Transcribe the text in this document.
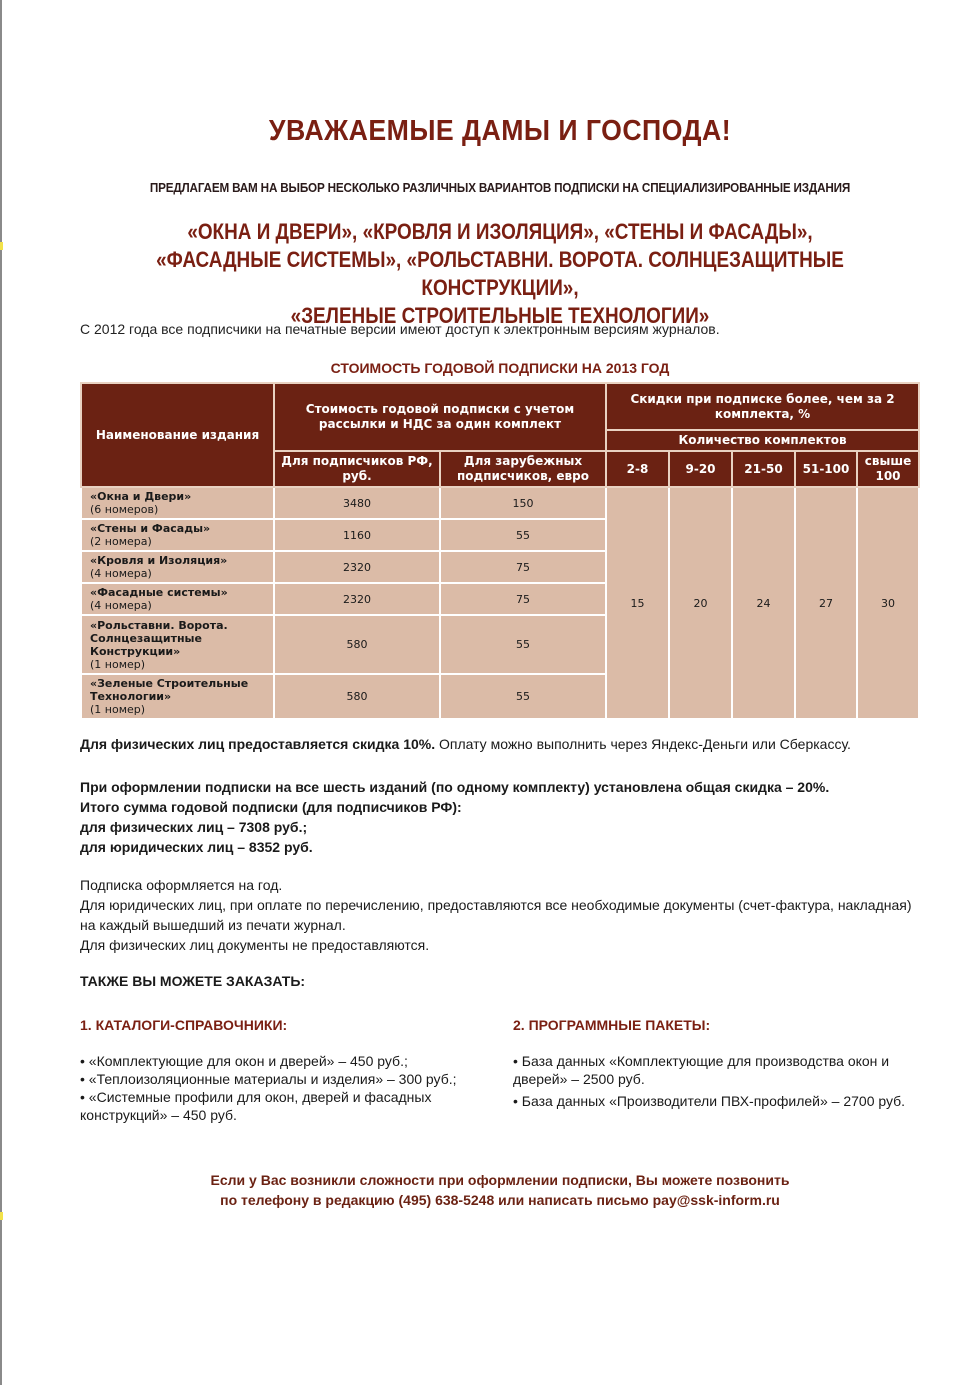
УВАЖАЕМЫЕ ДАМЫ И ГОСПОДА!
ПРЕДЛАГАЕМ ВАМ НА ВЫБОР НЕСКОЛЬКО РАЗЛИЧНЫХ ВАРИАНТОВ ПОДПИСКИ НА СПЕЦИАЛИЗИРОВАННЫЕ ИЗДАНИЯ
«ОКНА И ДВЕРИ», «КРОВЛЯ И ИЗОЛЯЦИЯ», «СТЕНЫ И ФАСАДЫ»,
«ФАСАДНЫЕ СИСТЕМЫ», «РОЛЬСТАВНИ. ВОРОТА. СОЛНЦЕЗАЩИТНЫЕ КОНСТРУКЦИИ»,
«ЗЕЛЕНЫЕ СТРОИТЕЛЬНЫЕ ТЕХНОЛОГИИ»
С 2012 года все подписчики на печатные версии имеют доступ к электронным версиям журналов.
СТОИМОСТЬ ГОДОВОЙ ПОДПИСКИ НА 2013 ГОД
Наименование издания	Стоимость годовой подписки с учетом рассылки и НДС за один комплект		Скидки при подписке более, чем за 2 комплекта, %				
			Количество комплектов				
	Для подписчиков РФ, руб.	Для зарубежных подписчиков, евро	2-8	9-20	21-50	51-100	свыше 100

«Окна и Двери»
(6 номеров)	3480	150	15	20	24	27	30

«Стены и Фасады»
(2 номера)	1160	55					

«Кровля и Изоляция»
(4 номера)	2320	75					

«Фасадные системы»
(4 номера)	2320	75					

«Рольставни. Ворота. Солнцезащитные Конструкции»
(1 номер)	580	55					

«Зеленые Строительные Технологии»
(1 номер)	580	55					
Для физических лиц предоставляется скидка 10%. Оплату можно выполнить через Яндекс-Деньги или Сберкассу.
При оформлении подписки на все шесть изданий (по одному комплекту) установлена общая скидка – 20%.
Итого сумма годовой подписки (для подписчиков РФ):
для физических лиц – 7308 руб.;
для юридических лиц – 8352 руб.
Подписка оформляется на год.
Для юридических лиц, при оплате по перечислению, предоставляются все необходимые документы (счет-фактура, накладная) на каждый вышедший из печати журнал.
Для физических лиц документы не предоставляются.
ТАКЖЕ ВЫ МОЖЕТЕ ЗАКАЗАТЬ:
1. КАТАЛОГИ-СПРАВОЧНИКИ:
• «Комплектующие для окон и дверей» – 450 руб.;
• «Теплоизоляционные материалы и изделия» – 300 руб.;
• «Системные профили для окон, дверей и фасадных конструкций» – 450 руб.
2. ПРОГРАММНЫЕ ПАКЕТЫ:
• База данных «Комплектующие для производства окон и дверей» – 2500 руб.
• База данных «Производители ПВХ-профилей» – 2700 руб.
Если у Вас возникли сложности при оформлении подписки, Вы можете позвонить
по телефону в редакцию (495) 638-5248 или написать письмо pay@ssk-inform.ru
